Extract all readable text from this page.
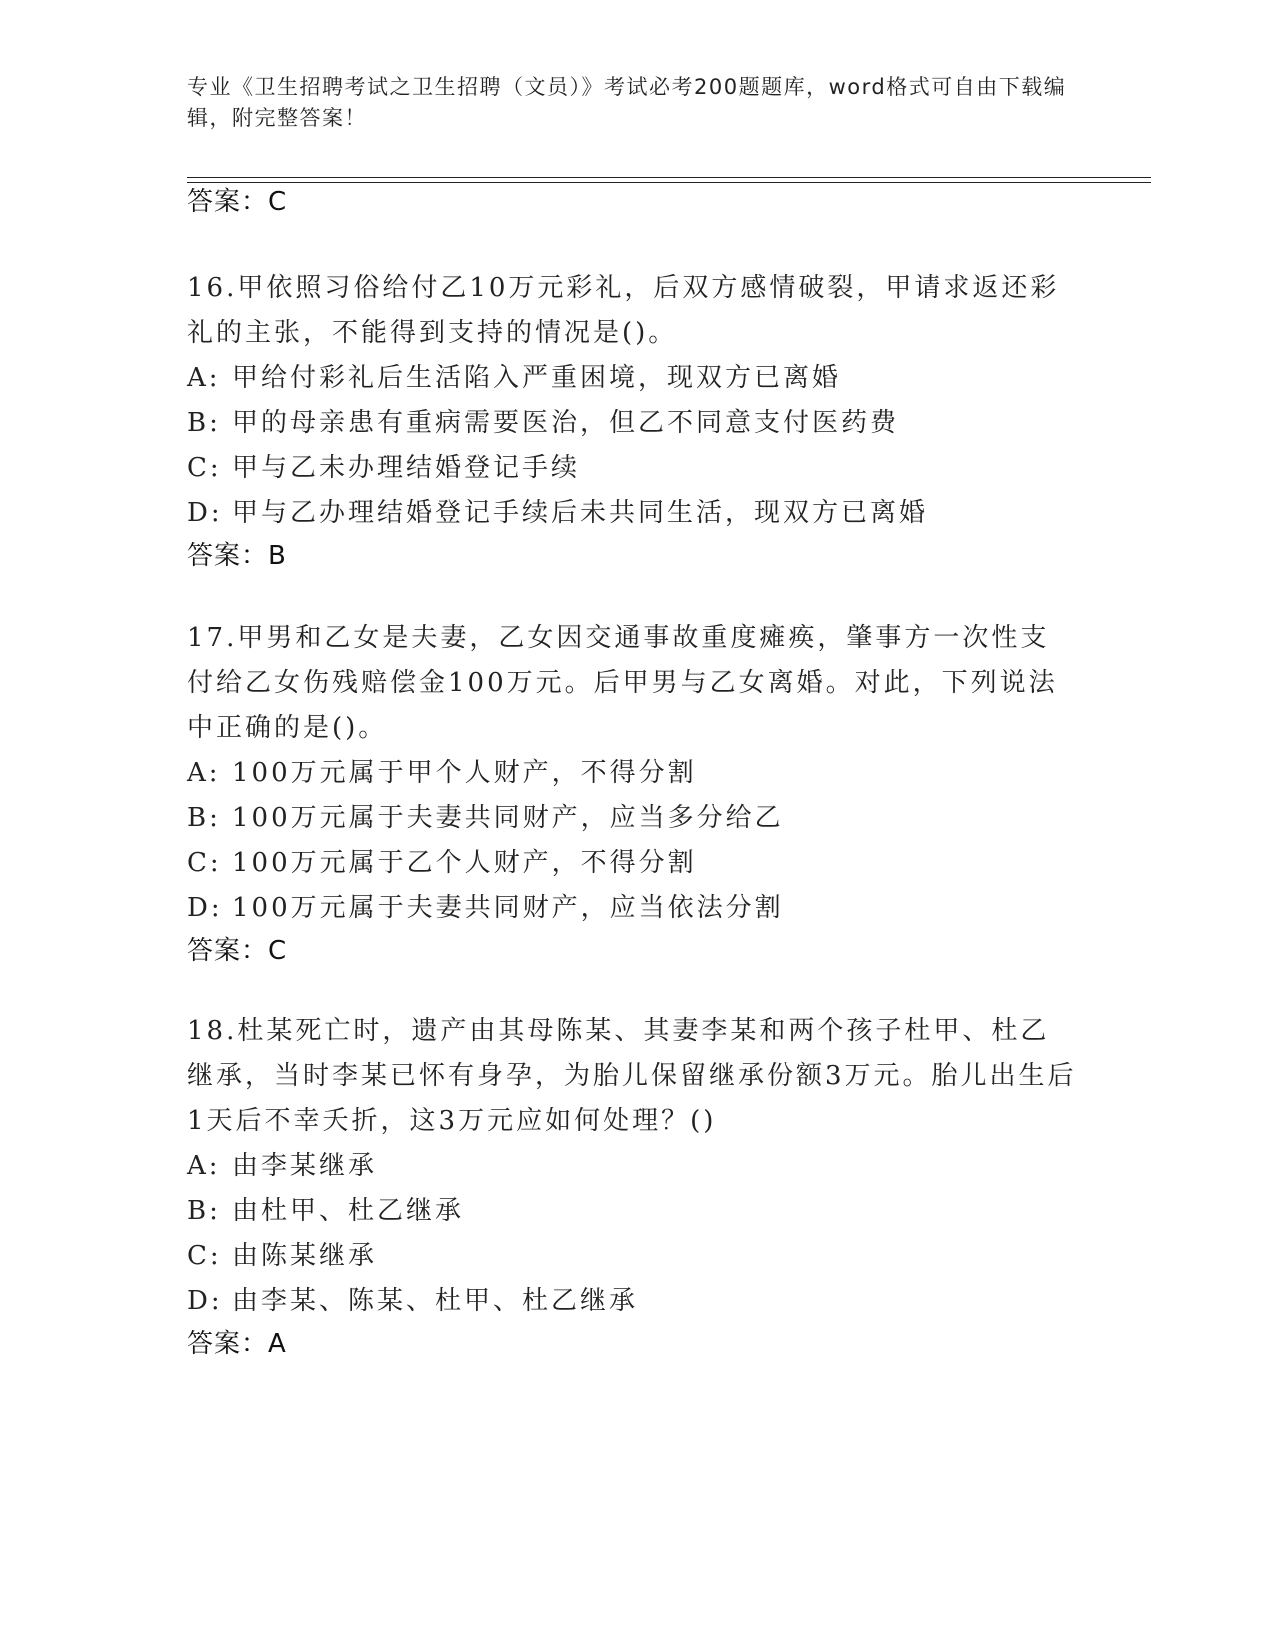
专业《卫生招聘考试之卫生招聘（文员）》考试必考200题题库，word格式可自由下载编辑，附完整答案！
答案：C
16.甲依照习俗给付乙10万元彩礼，后双方感情破裂，甲请求返还彩礼的主张，不能得到支持的情况是()。
A: 甲给付彩礼后生活陷入严重困境，现双方已离婚
B: 甲的母亲患有重病需要医治，但乙不同意支付医药费
C: 甲与乙未办理结婚登记手续
D: 甲与乙办理结婚登记手续后未共同生活，现双方已离婚
答案：B
17.甲男和乙女是夫妻，乙女因交通事故重度瘫痪，肇事方一次性支付给乙女伤残赔偿金100万元。后甲男与乙女离婚。对此，下列说法中正确的是()。
A: 100万元属于甲个人财产，不得分割
B: 100万元属于夫妻共同财产，应当多分给乙
C: 100万元属于乙个人财产，不得分割
D: 100万元属于夫妻共同财产，应当依法分割
答案：C
18.杜某死亡时，遗产由其母陈某、其妻李某和两个孩子杜甲、杜乙继承，当时李某已怀有身孕，为胎儿保留继承份额3万元。胎儿出生后1天后不幸夭折，这3万元应如何处理？()
A: 由李某继承
B: 由杜甲、杜乙继承
C: 由陈某继承
D: 由李某、陈某、杜甲、杜乙继承
答案：A
